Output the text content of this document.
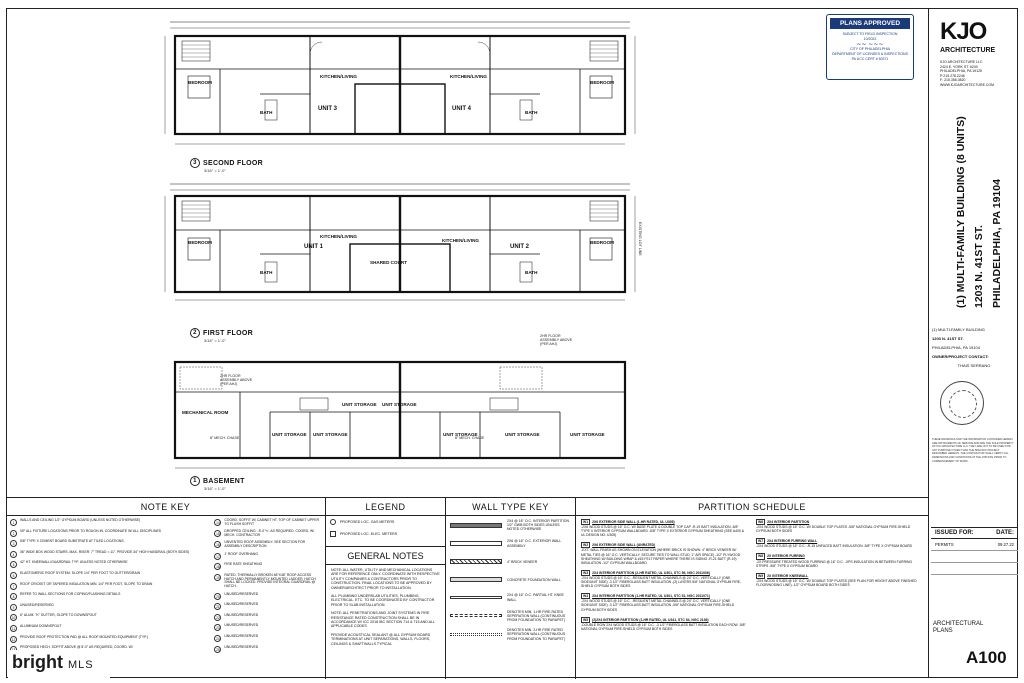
BEDROOM	BEDROOM
KITCHEN/LIVING	KITCHEN/LIVING
BATH	BATH
UNIT 3	UNIT 4
3 SECOND FLOOR
3/16" = 1'-0"
BEDROOM	BEDROOM
KITCHEN/LIVING
KITCHEN/LIVING
SHARED COURT
BATH	BATH
UNIT 1	UNIT 2	EXISTING LOT LINE
2 FIRST FLOOR
3/16" = 1'-0"
MECHANICAL ROOM
UNIT STORAGE UNIT STORAGE
UNIT STORAGE UNIT STORAGE
UNIT STORAGE	UNIT STORAGE	UNIT STORAGE
8" MECH. CHASE	8" MECH. CHASE
2HR FLOOR ASSEMBLY ABOVE (PER AHJ)
2HR FLOOR ASSEMBLY ABOVE (PER AHJ)
1 BASEMENT
3/16" = 1'-0"
PLANS APPROVED
SUBJECT TO FIELD INSPECTION
10/2022
~~ ~~~
CITY OF PHILADELPHIA
DEPARTMENT OF LICENSES & INSPECTIONS
PA UCC CERT # 50371
KJO
ARCHITECTURE
KJO ARCHITECTURE LLC
2424 E. YORK ST. #240
PHILADELPHIA, PA 19125
P:215.278.2246
F: 215.356.0820
WWW.KJOARCHITECTURE.COM
(1) MULTI-FAMILY BUILDING (8 UNITS) 1203 N. 41ST ST. PHILADELPHIA, PA 19104
(1) MULTI-FAMILY BUILDING
1203 N. 41ST ST.
PHILADELPHIA, PA 19104
OWNER/PROJECT CONTACT:
THAIS SERRANO
THESE DRAWINGS AND THE INFORMATION CONTAINED HEREIN ARE INSTRUMENTS OF SERVICE AND ARE THE SOLE PROPERTY OF KJO ARCHITECTURE LLC. THEY ARE NOT TO BE USED FOR ANY PURPOSE OTHER THAN THE SPECIFIC PROJECT DESCRIBED HEREON. THE CONTRACTOR SHALL VERIFY ALL DIMENSIONS AND CONDITIONS AT THE JOB SITE PRIOR TO COMMENCEMENT OF WORK.
ISSUED FOR:	DATE:
PERMITS	09.27.22

ARCHITECTURAL
PLANS
A100
NOTE KEY
1
WALLS AND CEILING 1/2" GYPSUM BOARD (UNLESS NOTED OTHERWISE)
2
VIF ALL FIXTURE LOCATIONS PRIOR TO ROUGH-IN. COORDINATE W/ ALL DISCIPLINES
3
5/8" TYPE X CEMENT BOARD SUBSTRATE AT TILED LOCATIONS.
4
36" WIDE BOX WOOD STAIRS. MAX. RISER: 7" TREAD = 11". PROVIDE 34" HIGH HANDRAIL (BOTH SIDES)
5
42" HT. KNEEWALL/GUARDRAIL TYP. UNLESS NOTED OTHERWISE
6
ELASTOMERIC ROOF SYSTEM. SLOPE 1/4" PER FOOT TO GUTTER/DRAIN
7
ROOF CRICKET OR TAPERED INSULATION MIN. 1/4" PER FOOT, SLOPE TO DRAIN
8
REFER TO WALL SECTIONS FOR COPING/FLASHING DETAILS
9
UNUSED/RESERVED
10
6" ALUM. "K" GUTTER, SLOPE TO DOWNSPOUT
11
ALUMINUM DOWNSPOUT
12
PROVIDE ROOF PROTECTION PAD @ ALL ROOF MOUNTED EQUIPMENT (TYP.)
PROPOSED HECH. SOFFIT ABOVE @ 8'-0" AS REQUIRED, COORD. W/
14
COORD. SOFFIT W/ CABINET HT. TOP OF CABINET UPPER TO FLUSH SOFFIT
15
DROPPED CEILING - 8'-0"+/- AS REQUIRED. COORD. W/ MECH. CONTRACTOR
16
UNVENTED ROOF ASSEMBLY: SEE SECTION FOR ASSEMBLY DESCRIPTION
17
1' ROOF OVERHANG
18
FIRE RATE SHEATHING
19
RATED, THERMALLY BROKEN 48"X48" ROOF ACCESS HATCH AND PERMANENTLY MOUNTED LADDER. HATCH SHALL BE LOCKED. PROVIDE INTEGRAL GUARDRAIL @ HATCH.
20
UNUSED/RESERVED
21
UNUSED/RESERVED
22
UNUSED/RESERVED
23
UNUSED/RESERVED
24
UNUSED/RESERVED
25
UNUSED/RESERVED
LEGEND
PROPOSED LOC. GAS METERS
PROPOSED LOC. ELEC. METERS
GENERAL NOTES

NOTE: ALL WATER, UTILITY AND MECHANICAL LOCATIONS ARE FOR REFERENCE ONLY. COORDINATE WITH RESPECTIVE UTILITY COMPANIES & CONTRACTORS PRIOR TO CONSTRUCTION. FINAL LOCATIONS TO BE APPROVED BY OWNER/ARCHITECT PRIOR TO INSTALLATION.

ALL PLUMBING UNDERSLAB UTILITIES, PLUMBING, ELECTRICAL, ETC. TO BE COORDINATED BY CONTRACTOR PRIOR TO SLAB INSTALLATION.

NOTE: ALL PENETRATIONS AND JOINT SYSTEMS IN FIRE RESISTANCE RATED CONSTRUCTION SHALL BE IN ACCORDANCE W/ ICC 2018 IBC SECTION 714 & 715 AND ALL APPLICABLE CODES

PROVIDE ACOUSTICAL SEALANT @ ALL GYPSUM BOARD TERMINATIONS AT UNIT SEPARATIONS, WALLS, FLOORS, CEILINGS & SHAFTWALLS TYPICAL

WALL TYPE KEY
2X4 @ 16" O.C. INTERIOR PARTITION 1/2" GWB BOTH SIDES UNLESS NOTED OTHERWISE
2X6 @ 16" O.C. EXTERIOR WALL ASSEMBLY
4" BRICK VENEER
CONCRETE FOUNDATION WALL
2X4 @ 16" O.C. PARTIAL HT. KNEE WALL
DENOTES MIN. 1-HR FIRE-RATED SEPERATION WALL (CONTINUOUS FROM FOUNDATION TO PARAPET)
DENOTES MIN. 2-HR FIRE RATED SEPERATION WALL (CONTINUOUS FROM FOUNDATION TO PARAPET)
PARTITION SCHEDULE
W1 2X6 EXTERIOR SIDE WALL (1-HR RATED, UL U305)
-2X6 WOOD STUDS @ 16" O.C. W/ BASE PLATE & DOUBLE TOP CAP -R-19 BATT INSULATION -5/8" TYPE X INTERIOR GYPSUM WALLBOARD -5/8" TYPE X EXTERIOR GYPSUM SHEATHING (SEE A400 & UL DESIGN NO. U305)
W2 2X6 EXTERIOR SIDE WALL (UNRATED)
-EXT. WALL FINISH AS SHOWN ON ELEVATION (WHERE BRICK IS SHOWN: 4" BRICK VENEER W/ METAL TIES @ 16" O.C. VERTICALLY, SECURE TIES TO WALL STUD, 1" AIR SPACE) -1/2" PLYWOOD SHEATHING W/ BUILDING WRAP & #15 FELT PAPER WHERE THERE IS SIDING -R-21 BATT (R-19) INSULATION -1/2" GYPSUM WALLBOARD
W3 2X4 INTERIOR PARTITION (2-HR RATED, UL U301, STC 56, NGC 2011006)
-2X4 WOOD STUDS @ 16" O.C. -RESILIENT METAL CHANNELS @ 24" O.C. VERTICALLY (ONE SIDE/UNIT SIDE) -3 1/2" FIBERGLASS BATT INSULATION -(2) LAYERS 5/8" NATIONAL GYPSUM FIRE-SHIELD GYPSUM BOTH SIDES
W4 2X4 INTERIOR PARTITION (1-HR RATED, UL U301, STC 51, NGC 2011071)
-2X4 WOOD STUDS @ 16" O.C. -RESILIENT METAL CHANNELS @ 24" O.C. VERTICALLY (ONE SIDE/UNIT SIDE) -3 1/2" FIBERGLASS BATT INSULATION -5/8" NATIONAL GYPSUM FIRE-SHIELD GYPSUM BOTH SIDES
W5 (2)2X4 INTERIOR PARTITION (1-HR RATED, UL U341, STC 54, NGC 2136)
-DOUBLE ROW 2X4 WOOD STUDS @ 16" O.C. -3 1/2" FIBERGLASS BATT INSULATION EACH ROW -5/8" NATIONAL GYPSUM FIRE-SHIELD GYPSUM BOTH SIDES
W6 2X4 INTERIOR PARTITION
-2X4 WOOD STUDS @ 16" O.C. W/ DOUBLE TOP PLATES -5/8" NATIONAL GYPSUM FIRE-SHIELD GYPSUM BOTH SIDES
W7 2X4 INTERIOR FURRING WALL
-2X4 WOOD STUDS @ 16" O.C. -R-15 UNFACED BATT INSULATION -5/8" TYPE X GYPSUM BOARD
W8 2X INTERIOR FURRING
-2X PRESSURE TREATED WOOD FURRING @ 16" O.C. -XPS INSULATION IN BETWEEN FURRING STRIPS -5/8" TYPE X GYPSUM BOARD
W9 2X INTERIOR KNEEWALL
-2X4 WOOD STUDS @ 16" O.C. W/ DOUBLE TOP PLATES (SEE PLAN FOR HEIGHT ABOVE FINISHED FLOOR/NOSING LINE) -1/2" GYPSUM BOARD BOTH SIDES
bright MLS
